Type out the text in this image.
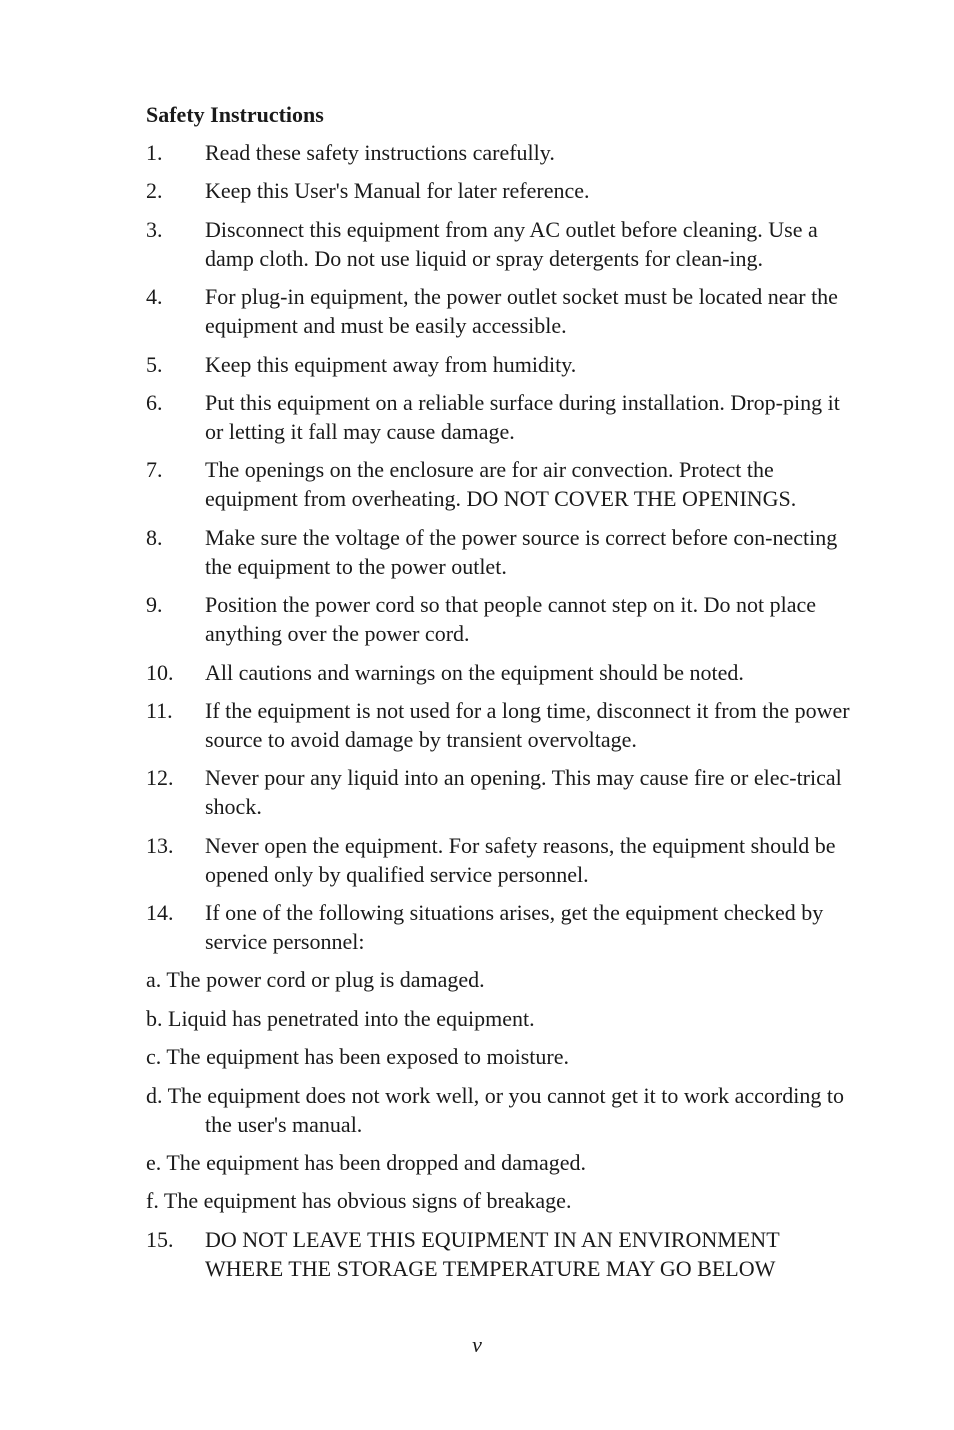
Safety Instructions
1.	Read these safety instructions carefully.
2.	Keep this User's Manual for later reference.
3.	Disconnect this equipment from any AC outlet before cleaning. Use a damp cloth. Do not use liquid or spray detergents for clean-ing.
4.	For plug-in equipment, the power outlet socket must be located near the equipment and must be easily accessible.
5.	Keep this equipment away from humidity.
6.	Put this equipment on a reliable surface during installation. Drop-ping it or letting it fall may cause damage.
7.	The openings on the enclosure are for air convection. Protect the equipment from overheating. DO NOT COVER THE OPENINGS.
8.	Make sure the voltage of the power source is correct before con-necting the equipment to the power outlet.
9.	Position the power cord so that people cannot step on it. Do not place anything over the power cord.
10.	All cautions and warnings on the equipment should be noted.
11.	If the equipment is not used for a long time, disconnect it from the power source to avoid damage by transient overvoltage.
12.	Never pour any liquid into an opening. This may cause fire or elec-trical shock.
13.	Never open the equipment. For safety reasons, the equipment should be opened only by qualified service personnel.
14.	If one of the following situations arises, get the equipment checked by service personnel:
a. The power cord or plug is damaged.
b. Liquid has penetrated into the equipment.
c. The equipment has been exposed to moisture.
d. The equipment does not work well, or you cannot get it to work according to the user's manual.
e. The equipment has been dropped and damaged.
f. The equipment has obvious signs of breakage.
15.	DO NOT LEAVE THIS EQUIPMENT IN AN ENVIRONMENT WHERE THE STORAGE TEMPERATURE MAY GO BELOW
v
